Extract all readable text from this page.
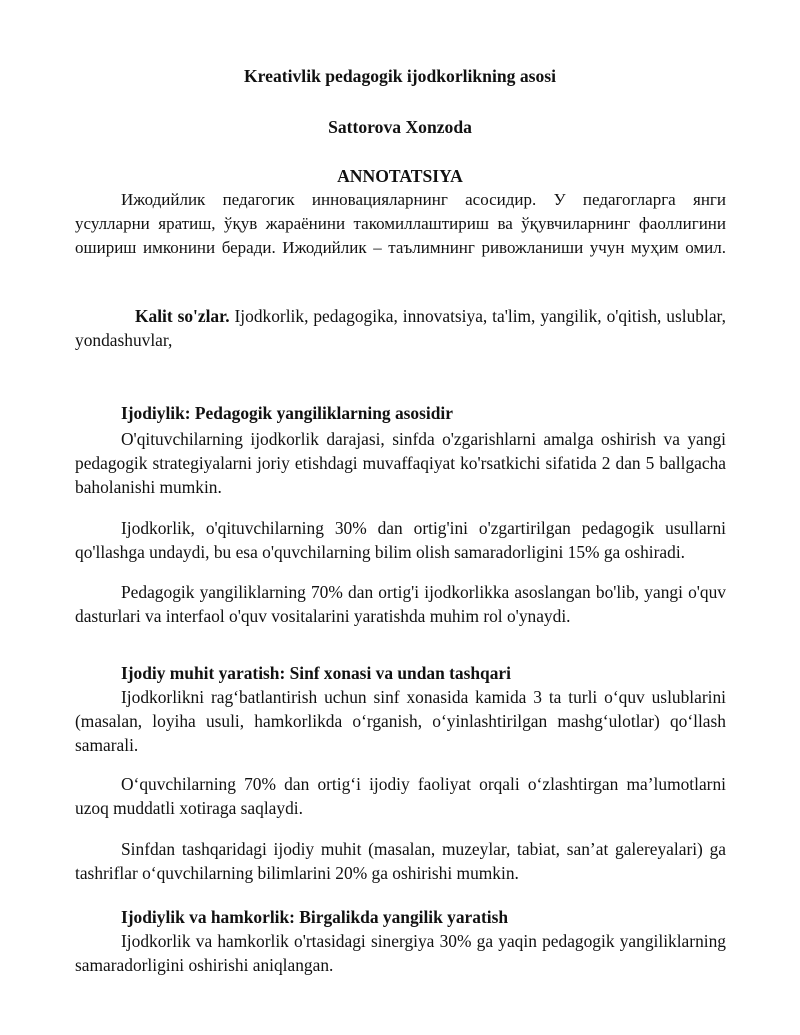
Kreativlik pedagogik ijodkorlikning asosi

Sattorova Xonzoda

ANNOTATSIYA

Ижодийлик педагогик инновацияларнинг асосидир. У педагогларга янги усулларни яратиш, ўқув жараёнини такомиллаштириш ва ўқувчиларнинг фаоллигини ошириш имконини беради. Ижодийлик – таълимнинг ривожланиши учун муҳим омил.

Kalit so'zlar. Ijodkorlik, pedagogika, innovatsiya, ta'lim, yangilik, o'qitish, uslublar, yondashuvlar,

Ijodiylik: Pedagogik yangiliklarning asosidir

O'qituvchilarning ijodkorlik darajasi, sinfda o'zgarishlarni amalga oshirish va yangi pedagogik strategiyalarni joriy etishdagi muvaffaqiyat ko'rsatkichi sifatida 2 dan 5 ballgacha baholanishi mumkin.

Ijodkorlik, o'qituvchilarning 30% dan ortig'ini o'zgartirilgan pedagogik usullarni qo'llashga undaydi, bu esa o'quvchilarning bilim olish samaradorligini 15% ga oshiradi.

Pedagogik yangiliklarning 70% dan ortig'i ijodkorlikka asoslangan bo'lib, yangi o'quv dasturlari va interfaol o'quv vositalarini yaratishda muhim rol o'ynaydi.

Ijodiy muhit yaratish: Sinf xonasi va undan tashqari

Ijodkorlikni rag‘batlantirish uchun sinf xonasida kamida 3 ta turli o‘quv uslublarini (masalan, loyiha usuli, hamkorlikda o‘rganish, o‘yinlashtirilgan mashg‘ulotlar) qo‘llash samarali.

O‘quvchilarning 70% dan ortig‘i ijodiy faoliyat orqali o‘zlashtirgan ma’lumotlarni uzoq muddatli xotiraga saqlaydi.

Sinfdan tashqaridagi ijodiy muhit (masalan, muzeylar, tabiat, san’at galereyalari) ga tashriflar o‘quvchilarning bilimlarini 20% ga oshirishi mumkin.

Ijodiylik va hamkorlik: Birgalikda yangilik yaratish

Ijodkorlik va hamkorlik o'rtasidagi sinergiya 30% ga yaqin pedagogik yangiliklarning samaradorligini oshirishi aniqlangan.
